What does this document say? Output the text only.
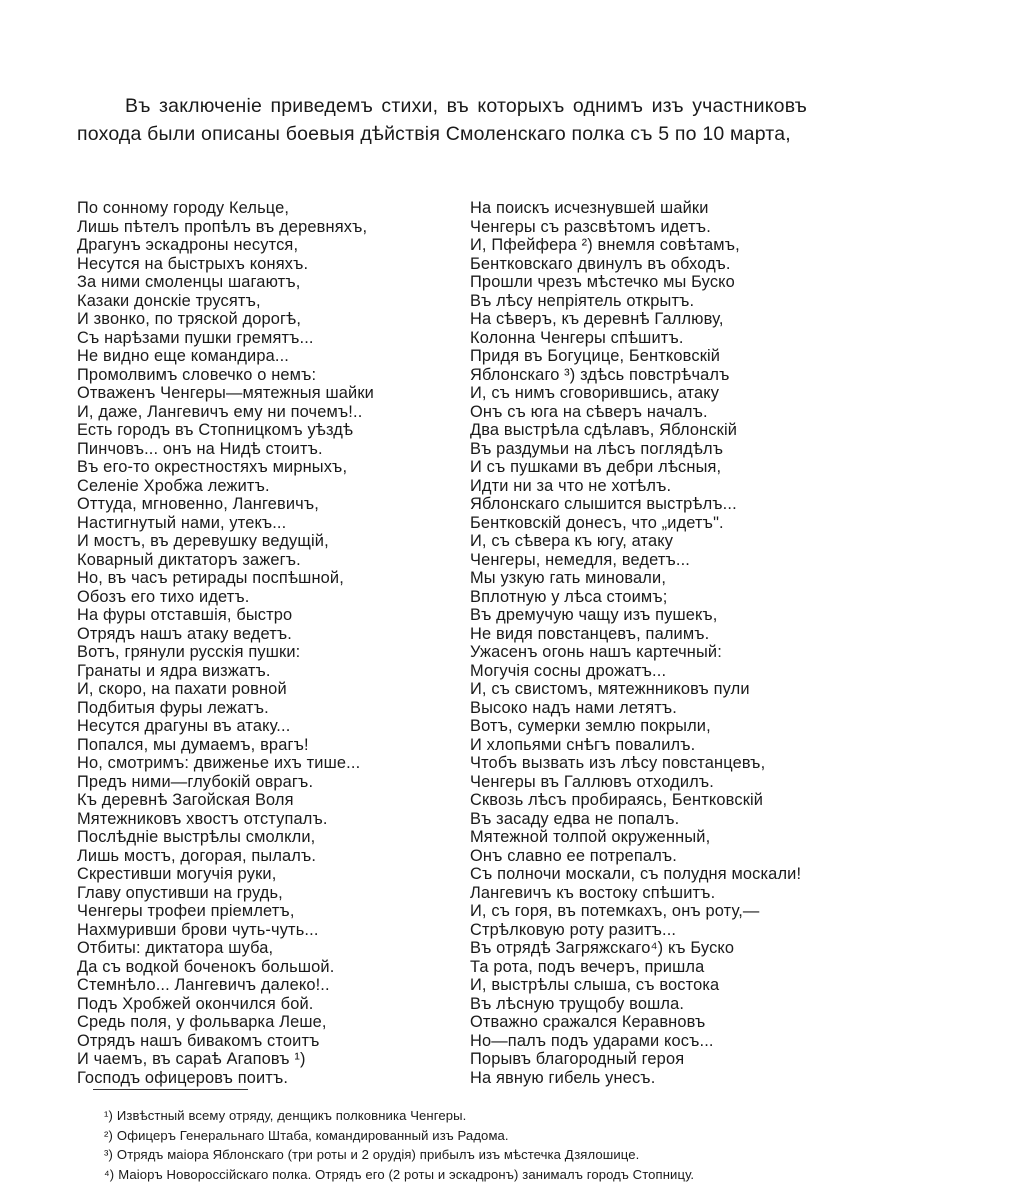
Въ заключеніе приведемъ стихи, въ которыхъ однимъ изъ участниковъ похода были описаны боевыя дѣйствія Смоленскаго полка съ 5 по 10 марта,

По сонному городу Кельце,
Лишь пѣтелъ пропѣлъ въ деревняхъ,
Драгунъ эскадроны несутся,
Несутся на быстрыхъ коняхъ.
За ними смоленцы шагаютъ,
Казаки донскіе трусятъ,
И звонко, по тряской дорогѣ,
Съ нарѣзами пушки гремятъ...
Не видно еще командира...
Промолвимъ словечко о немъ:
Отваженъ Ченгеры—мятежныя шайки
И, даже, Лангевичъ ему ни почемъ!..
Есть городъ въ Стопницкомъ уѣздѣ
Пинчовъ... онъ на Нидѣ стоитъ.
Въ его-то окрестностяхъ мирныхъ,
Селеніе Хробжа лежитъ.
Оттуда, мгновенно, Лангевичъ,
Настигнутый нами, утекъ...
И мостъ, въ деревушку ведущій,
Коварный диктаторъ зажегъ.
Но, въ часъ ретирады поспѣшной,
Обозъ его тихо идетъ.
На фуры отставшія, быстро
Отрядъ нашъ атаку ведетъ.
Вотъ, грянули русскія пушки:
Гранаты и ядра визжатъ.
И, скоро, на пахати ровной
Подбитыя фуры лежатъ.
Несутся драгуны въ атаку...
Попался, мы думаемъ, врагъ!
Но, смотримъ: движенье ихъ тише...
Предъ ними—глубокій оврагъ.
Къ деревнѣ Загойская Воля
Мятежниковъ хвостъ отступалъ.
Послѣдніе выстрѣлы смолкли,
Лишь мостъ, догорая, пылалъ.
Скрестивши могучія руки,
Главу опустивши на грудь,
Ченгеры трофеи пріемлетъ,
Нахмуривши брови чуть-чуть...
Отбиты: диктатора шуба,
Да съ водкой боченокъ большой.
Стемнѣло... Лангевичъ далеко!..
Подъ Хробжей окончился бой.
Средь поля, у фольварка Леше,
Отрядъ нашъ бивакомъ стоитъ
И чаемъ, въ сараѣ Агаповъ ¹)
Господъ офицеровъ поитъ.
На поискъ исчезнувшей шайки
Ченгеры съ разсвѣтомъ идетъ.
И, Пфейфера ²) внемля совѣтамъ,
Бентковскаго двинулъ въ обходъ.
Прошли чрезъ мѣстечко мы Буско
Въ лѣсу непріятель открытъ.
На сѣверъ, къ деревнѣ Галлюву,
Колонна Ченгеры спѣшитъ.
Придя въ Богуцице, Бентковскій
Яблонскаго ³) здѣсь повстрѣчалъ
И, съ нимъ сговорившись, атаку
Онъ съ юга на сѣверъ началъ.
Два выстрѣла сдѣлавъ, Яблонскій
Въ раздумьи на лѣсъ поглядѣлъ
И съ пушками въ дебри лѣсныя,
Идти ни за что не хотѣлъ.
Яблонскаго слышится выстрѣлъ...
Бентковскій донесъ, что „идетъ".
И, съ сѣвера къ югу, атаку
Ченгеры, немедля, ведетъ...
Мы узкую гать миновали,
Вплотную у лѣса стоимъ;
Въ дремучую чащу изъ пушекъ,
Не видя повстанцевъ, палимъ.
Ужасенъ огонь нашъ картечный:
Могучія сосны дрожатъ...
И, съ свистомъ, мятежнниковъ пули
Высоко надъ нами летятъ.
Вотъ, сумерки землю покрыли,
И хлопьями снѣгъ повалилъ.
Чтобъ вызвать изъ лѣсу повстанцевъ,
Ченгеры въ Галлювъ отходилъ.
Сквозь лѣсъ пробираясь, Бентковскій
Въ засаду едва не попалъ.
Мятежной толпой окруженный,
Онъ славно ее потрепалъ.
Съ полночи москали, съ полудня москали!
Лангевичъ къ востоку спѣшитъ.
И, съ горя, въ потемкахъ, онъ роту,—
Стрѣлковую роту разитъ...
Въ отрядѣ Загряжскаго⁴) къ Буско
Та рота, подъ вечеръ, пришла
И, выстрѣлы слыша, съ востока
Въ лѣсную трущобу вошла.
Отважно сражался Керавновъ
Но—палъ подъ ударами косъ...
Порывъ благородный героя
На явную гибель унесъ.
¹) Извѣстный всему отряду, денщикъ полковника Ченгеры.
²) Офицеръ Генеральнаго Штаба, командированный изъ Радома.
³) Отрядъ маіора Яблонскаго (три роты и 2 орудія) прибылъ изъ мѣстечка Дзялошице.
⁴) Маіоръ Новороссійскаго полка. Отрядъ его (2 роты и эскадронъ) занималъ городъ Стопницу.
